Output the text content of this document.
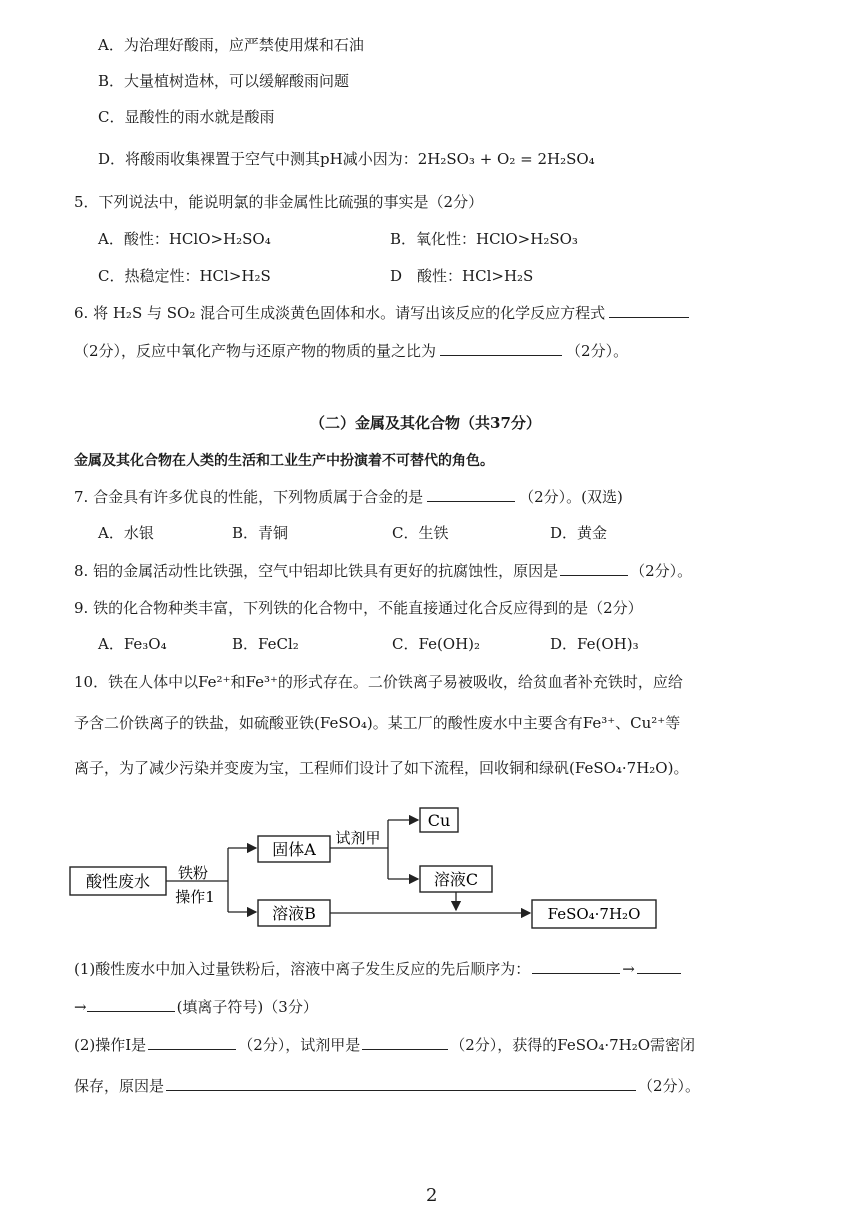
A．为治理好酸雨，应严禁使用煤和石油
B．大量植树造林，可以缓解酸雨问题
C．显酸性的雨水就是酸雨
D．将酸雨收集裸置于空气中测其pH减小因为：2H₂SO₃ + O₂ = 2H₂SO₄
5．下列说法中，能说明氯的非金属性比硫强的事实是（2分）
A．酸性：HClO>H₂SO₄	B．氧化性：HClO>H₂SO₃
C．热稳定性：HCl>H₂S	D　酸性：HCl>H₂S
6. 将 H₂S 与 SO₂ 混合可生成淡黄色固体和水。请写出该反应的化学反应方程式
（2分），反应中氧化产物与还原产物的物质的量之比为	（2分）。
（二）金属及其化合物（共37分）
金属及其化合物在人类的生活和工业生产中扮演着不可替代的角色。
7. 合金具有许多优良的性能，下列物质属于合金的是	（2分）。(双选)
A．水银	B．青铜	C．生铁	D．黄金
8. 铝的金属活动性比铁强，空气中铝却比铁具有更好的抗腐蚀性，原因是	（2分）。
9. 铁的化合物种类丰富，下列铁的化合物中，不能直接通过化合反应得到的是（2分）
A．Fe₃O₄	B．FeCl₂	C．Fe(OH)₂	D．Fe(OH)₃
10．铁在人体中以Fe²⁺和Fe³⁺的形式存在。二价铁离子易被吸收，给贫血者补充铁时，应给
予含二价铁离子的铁盐，如硫酸亚铁(FeSO₄)。某工厂的酸性废水中主要含有Fe³⁺、Cu²⁺等
离子，为了减少污染并变废为宝，工程师们设计了如下流程，回收铜和绿矾(FeSO₄·7H₂O)。
酸性废水 铁粉
操作1
固体A
试剂甲
Cu
溶液C
溶液B	FeSO₄·7H₂O
(1)酸性废水中加入过量铁粉后，溶液中离子发生反应的先后顺序为：	→
→	(填离子符号)（3分）
(2)操作I是	（2分），试剂甲是	（2分），获得的FeSO₄·7H₂O需密闭
保存，原因是	（2分）。
2
